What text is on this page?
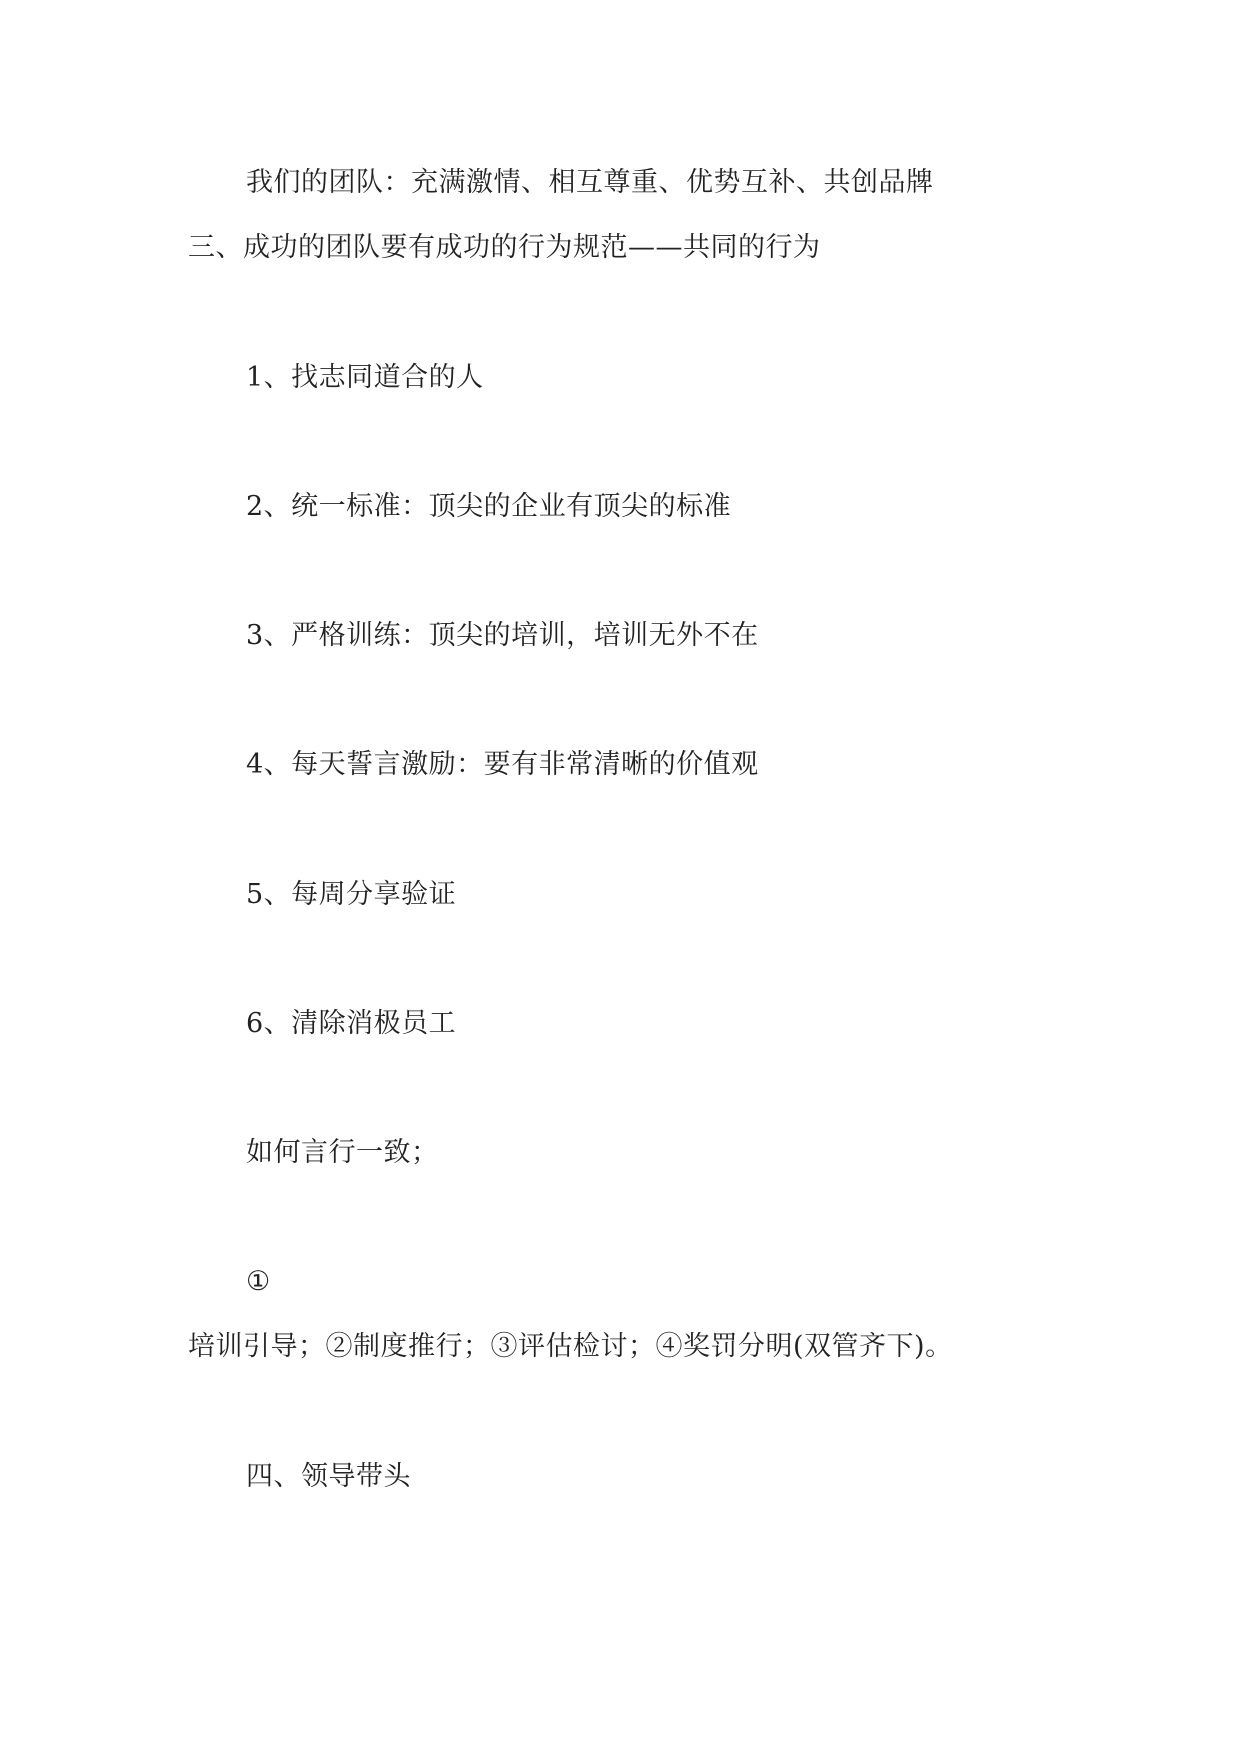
我们的团队：充满激情、相互尊重、优势互补、共创品牌
三、成功的团队要有成功的行为规范——共同的行为
1、找志同道合的人
2、统一标准：顶尖的企业有顶尖的标准
3、严格训练：顶尖的培训，培训无外不在
4、每天誓言激励：要有非常清晰的价值观
5、每周分享验证
6、清除消极员工
如何言行一致；
①
培训引导；②制度推行；③评估检讨；④奖罚分明(双管齐下)。
四、领导带头
